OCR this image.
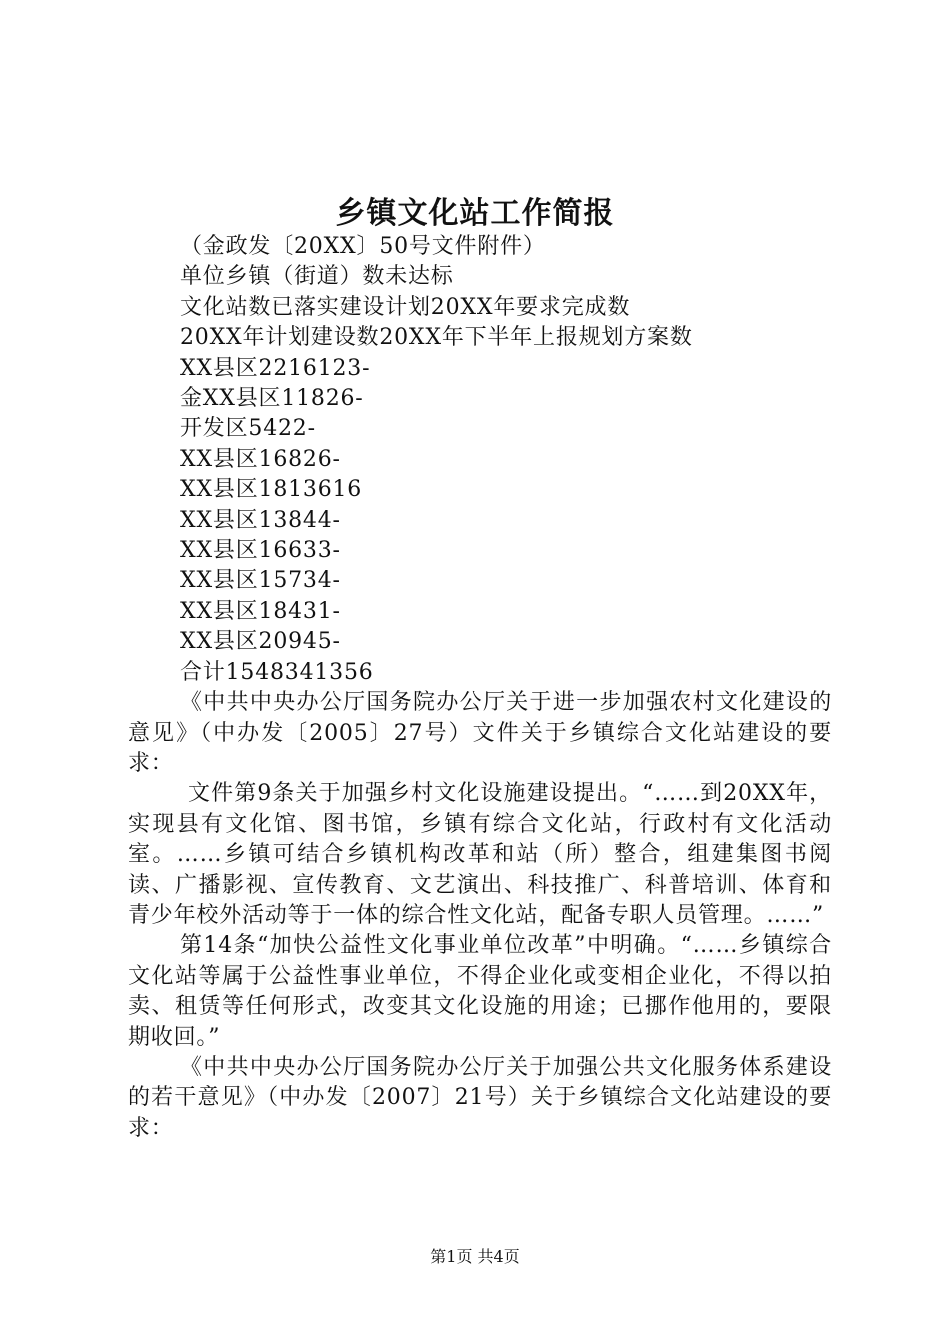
乡镇文化站工作简报

（金政发〔20XX〕50号文件附件）

单位乡镇（街道）数未达标

文化站数已落实建设计划20XX年要求完成数

20XX年计划建设数20XX年下半年上报规划方案数

XX县区2216123-

金XX县区11826-

开发区5422-

XX县区16826-

XX县区1813616

XX县区13844-

XX县区16633-

XX县区15734-

XX县区18431-

XX县区20945-

合计1548341356

《中共中央办公厅国务院办公厅关于进一步加强农村文化建设的意见》（中办发〔2005〕27号）文件关于乡镇综合文化站建设的要求：

文件第9条关于加强乡村文化设施建设提出。“……到20XX年，实现县有文化馆、图书馆，乡镇有综合文化站，行政村有文化活动室。……乡镇可结合乡镇机构改革和站（所）整合，组建集图书阅读、广播影视、宣传教育、文艺演出、科技推广、科普培训、体育和青少年校外活动等于一体的综合性文化站，配备专职人员管理。……”

第14条“加快公益性文化事业单位改革”中明确。“……乡镇综合文化站等属于公益性事业单位，不得企业化或变相企业化，不得以拍卖、租赁等任何形式，改变其文化设施的用途；已挪作他用的，要限期收回。”

《中共中央办公厅国务院办公厅关于加强公共文化服务体系建设的若干意见》（中办发〔2007〕21号）关于乡镇综合文化站建设的要求：

第1页 共4页
